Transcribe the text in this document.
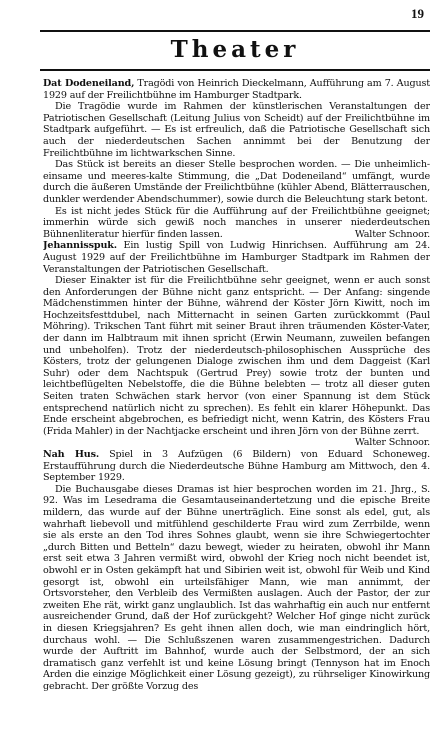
19
Theater

Dat Dodeneiland, Tragödi von Heinrich Dieckelmann, Aufführung am 7. August 1929 auf der Freilichtbühne im Hamburger Stadtpark.

Die Tragödie wurde im Rahmen der künstlerischen Veranstaltungen der Patriotischen Gesellschaft (Leitung Julius von Scheidt) auf der Freilichtbühne im Stadtpark aufgeführt. — Es ist erfreulich, daß die Patriotische Gesellschaft sich auch der niederdeutschen Sachen annimmt bei der Benutzung der Freilichtbühne im lichtwarkschen Sinne.

Das Stück ist bereits an dieser Stelle besprochen worden. — Die unheimlich-einsame und meeres-kalte Stimmung, die „Dat Dodeneiland“ umfängt, wurde durch die äußeren Umstände der Freilichtbühne (kühler Abend, Blätterrauschen, dunkler werdender Abendschummer), sowie durch die Beleuchtung stark betont.

Es ist nicht jedes Stück für die Aufführung auf der Freilichtbühne geeignet; immerhin würde sich gewiß noch manches in unserer niederdeutschen Bühnenliteratur hierfür finden lassen.	Walter Schnoor.

Jehannisspuk. Ein lustig Spill von Ludwig Hinrichsen. Aufführung am 24. August 1929 auf der Freilichtbühne im Hamburger Stadtpark im Rahmen der Veranstaltungen der Patriotischen Gesellschaft.

Dieser Einakter ist für die Freilichtbühne sehr geeignet, wenn er auch sonst den Anforderungen der Bühne nicht ganz entspricht. — Der Anfang: singende Mädchenstimmen hinter der Bühne, während der Köster Jörn Kiwitt, noch im Hochzeitsfesttdubel, nach Mitternacht in seinen Garten zurückkommt (Paul Möhring). Trikschen Tant führt mit seiner Braut ihren träumenden Köster-Vater, der dann im Halbtraum mit ihnen spricht (Erwin Neumann, zuweilen befangen und unbeholfen). Trotz der niederdeutsch-philosophischen Aussprüche des Kösters, trotz der gelungenen Dialoge zwischen ihm und dem Daggeist (Karl Suhr) oder dem Nachtspuk (Gertrud Prey) sowie trotz der bunten und leichtbeflügelten Nebelstoffe, die die Bühne belebten — trotz all dieser guten Seiten traten Schwächen stark hervor (von einer Spannung ist dem Stück entsprechend natürlich nicht zu sprechen). Es fehlt ein klarer Höhepunkt. Das Ende erscheint abgebrochen, es befriedigt nicht, wenn Katrin, des Kösters Frau (Frida Mahler) in der Nachtjacke erscheint und ihren Jörn von der Bühne zerrt.

Walter Schnoor.

Nah Hus. Spiel in 3 Aufzügen (6 Bildern) von Eduard Schoneweg. Erstaufführung durch die Niederdeutsche Bühne Hamburg am Mittwoch, den 4. September 1929.

Die Buchausgabe dieses Dramas ist hier besprochen worden im 21. Jhrg., S. 92. Was im Lesedrama die Gesamtauseinandertetzung und die epische Breite mildern, das wurde auf der Bühne unerträglich. Eine sonst als edel, gut, als wahrhaft liebevoll und mitfühlend geschilderte Frau wird zum Zerrbilde, wenn sie als erste an den Tod ihres Sohnes glaubt, wenn sie ihre Schwiegertochter „durch Bitten und Betteln“ dazu bewegt, wieder zu heiraten, obwohl ihr Mann erst seit etwa 3 Jahren vermißt wird, obwohl der Krieg noch nicht beendet ist, obwohl er in Osten gekämpft hat und Sibirien weit ist, obwohl für Weib und Kind gesorgt ist, obwohl ein urteilsfähiger Mann, wie man annimmt, der Ortsvorsteher, den Verbleib des Vermißten auslagen. Auch der Pastor, der zur zweiten Ehe rät, wirkt ganz unglaublich. Ist das wahrhaftig ein auch nur entfernt ausreichender Grund, daß der Hof zurückgeht? Welcher Hof ginge nicht zurück in diesen Kriegsjahren? Es geht ihnen allen doch, wie man eindringlich hört, durchaus wohl. — Die Schlußszenen waren zusammengestrichen. Dadurch wurde der Auftritt im Bahnhof, wurde auch der Selbstmord, der an sich dramatisch ganz verfehlt ist und keine Lösung bringt (Tennyson hat im Enoch Arden die einzige Möglichkeit einer Lösung gezeigt), zu rührseliger Kinowirkung gebracht. Der größte Vorzug des
